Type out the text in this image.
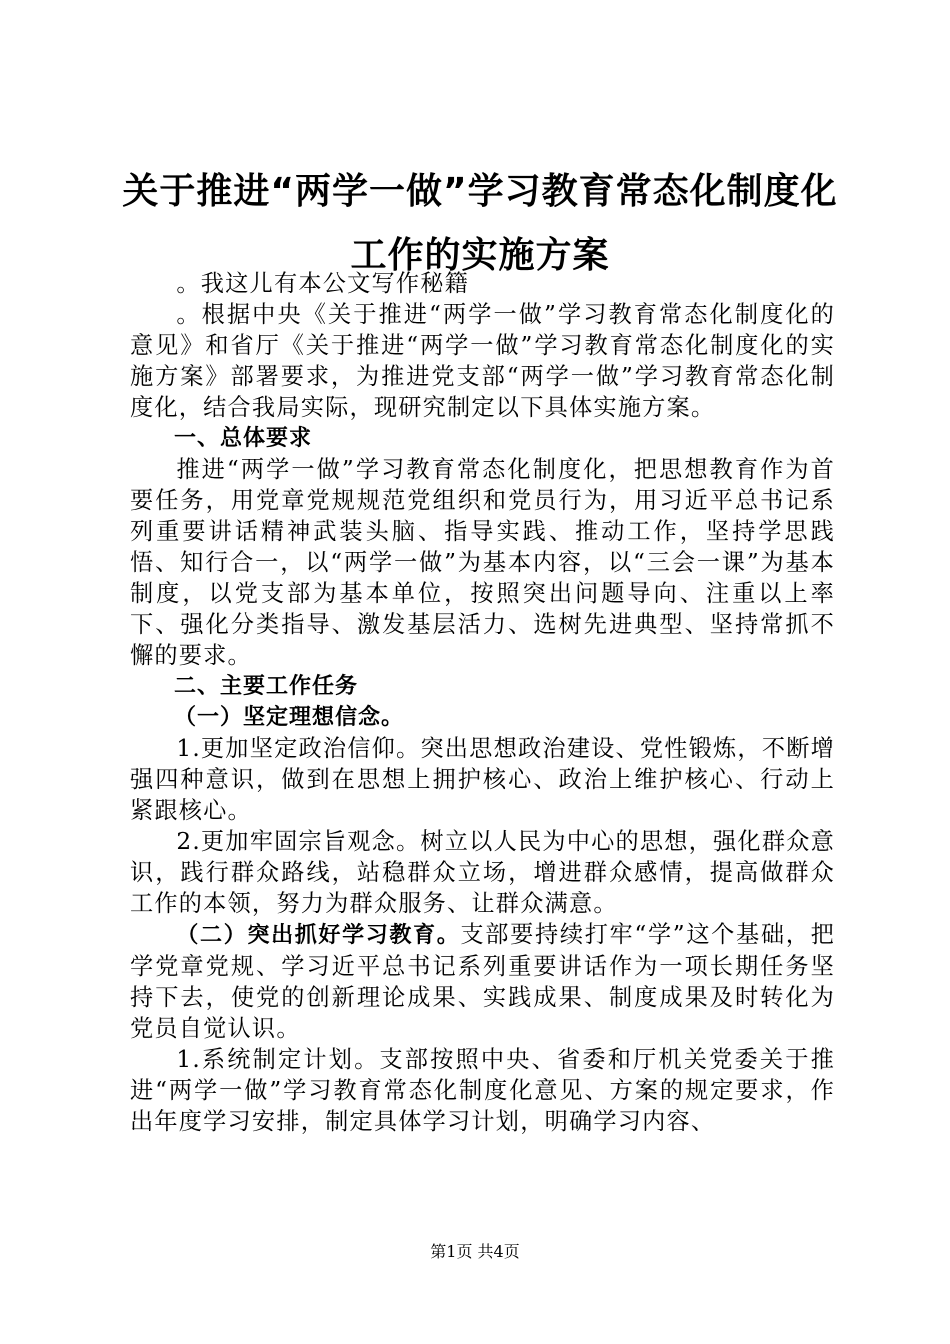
关于推进“两学一做”学习教育常态化制度化
工作的实施方案

。我这儿有本公文写作秘籍

。根据中央《关于推进“两学一做”学习教育常态化制度化的意见》和省厅《关于推进“两学一做”学习教育常态化制度化的实施方案》部署要求，为推进党支部“两学一做”学习教育常态化制度化，结合我局实际，现研究制定以下具体实施方案。

一、总体要求

推进“两学一做”学习教育常态化制度化，把思想教育作为首要任务，用党章党规规范党组织和党员行为，用习近平总书记系列重要讲话精神武装头脑、指导实践、推动工作，坚持学思践悟、知行合一，以“两学一做”为基本内容，以“三会一课”为基本制度，以党支部为基本单位，按照突出问题导向、注重以上率下、强化分类指导、激发基层活力、选树先进典型、坚持常抓不懈的要求。

二、主要工作任务

（一）坚定理想信念。

1.更加坚定政治信仰。突出思想政治建设、党性锻炼，不断增强四种意识，做到在思想上拥护核心、政治上维护核心、行动上紧跟核心。

2.更加牢固宗旨观念。树立以人民为中心的思想，强化群众意识，践行群众路线，站稳群众立场，增进群众感情，提高做群众工作的本领，努力为群众服务、让群众满意。

（二）突出抓好学习教育。支部要持续打牢“学”这个基础，把学党章党规、学习近平总书记系列重要讲话作为一项长期任务坚持下去，使党的创新理论成果、实践成果、制度成果及时转化为党员自觉认识。

1.系统制定计划。支部按照中央、省委和厅机关党委关于推进“两学一做”学习教育常态化制度化意见、方案的规定要求，作出年度学习安排，制定具体学习计划，明确学习内容、

第1页 共4页
